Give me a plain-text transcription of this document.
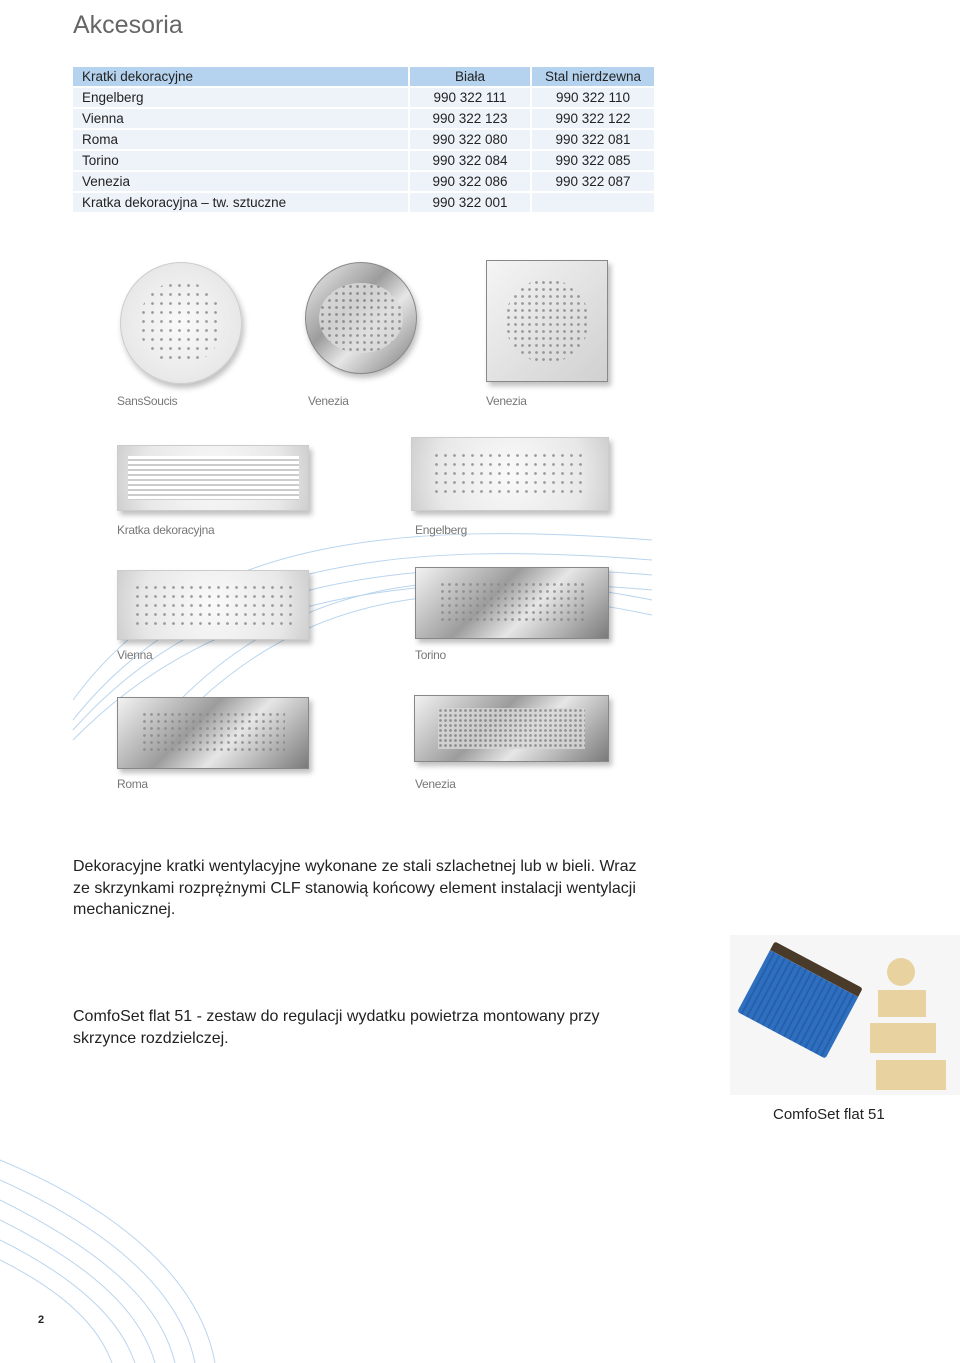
Akcesoria
Kratki dekoracyjne	Biała	Stal nierdzewna
Engelberg	990 322 111	990 322 110
Vienna	990 322 123	990 322 122
Roma	990 322 080	990 322 081
Torino	990 322 084	990 322 085
Venezia	990 322 086	990 322 087
Kratka dekoracyjna – tw. sztuczne	990 322 001	
SansSoucis	Venezia	Venezia
Kratka dekoracyjna	Engelberg
Vienna	Torino
Roma	Venezia

Dekoracyjne kratki wentylacyjne wykonane ze stali szlachetnej lub w bieli. Wraz ze skrzynkami rozprężnymi CLF stanowią końcowy element instalacji wentylacji mechanicznej.

ComfoSet flat 51 - zestaw do regulacji wydatku powietrza montowany przy skrzynce rozdzielczej.

ComfoSet flat 51
2
